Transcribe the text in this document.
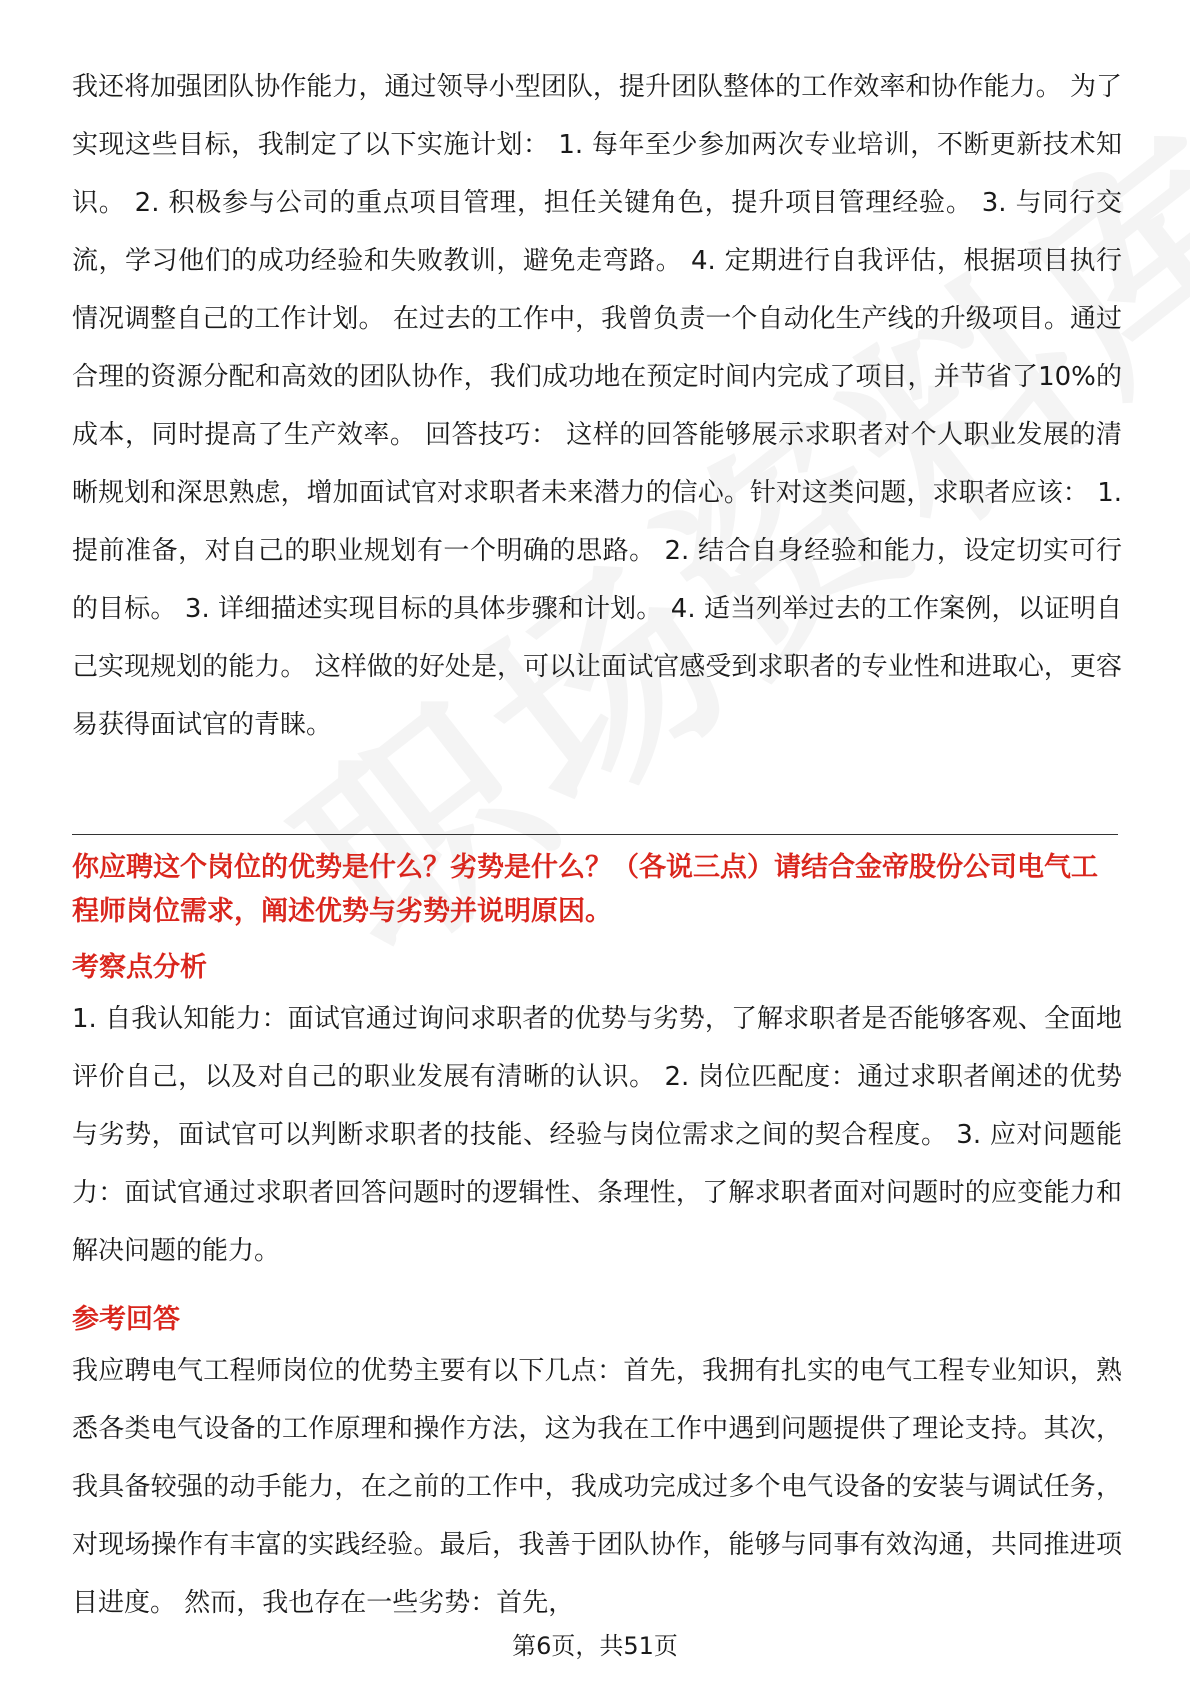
我还将加强团队协作能力，通过领导小型团队，提升团队整体的工作效率和协作能力。 为了实现这些目标，我制定了以下实施计划： 1. 每年至少参加两次专业培训，不断更新技术知识。 2. 积极参与公司的重点项目管理，担任关键角色，提升项目管理经验。 3. 与同行交流，学习他们的成功经验和失败教训，避免走弯路。 4. 定期进行自我评估，根据项目执行情况调整自己的工作计划。 在过去的工作中，我曾负责一个自动化生产线的升级项目。通过合理的资源分配和高效的团队协作，我们成功地在预定时间内完成了项目，并节省了10%的成本，同时提高了生产效率。 回答技巧： 这样的回答能够展示求职者对个人职业发展的清晰规划和深思熟虑，增加面试官对求职者未来潜力的信心。针对这类问题，求职者应该： 1. 提前准备，对自己的职业规划有一个明确的思路。 2. 结合自身经验和能力，设定切实可行的目标。 3. 详细描述实现目标的具体步骤和计划。 4. 适当列举过去的工作案例，以证明自己实现规划的能力。 这样做的好处是，可以让面试官感受到求职者的专业性和进取心，更容易获得面试官的青睐。

你应聘这个岗位的优势是什么？劣势是什么？（各说三点）请结合金帝股份公司电气工程师岗位需求，阐述优势与劣势并说明原因。

考察点分析

1. 自我认知能力：面试官通过询问求职者的优势与劣势，了解求职者是否能够客观、全面地评价自己，以及对自己的职业发展有清晰的认识。 2. 岗位匹配度：通过求职者阐述的优势与劣势，面试官可以判断求职者的技能、经验与岗位需求之间的契合程度。 3. 应对问题能力：面试官通过求职者回答问题时的逻辑性、条理性，了解求职者面对问题时的应变能力和解决问题的能力。

参考回答

我应聘电气工程师岗位的优势主要有以下几点：首先，我拥有扎实的电气工程专业知识，熟悉各类电气设备的工作原理和操作方法，这为我在工作中遇到问题提供了理论支持。其次，我具备较强的动手能力，在之前的工作中，我成功完成过多个电气设备的安装与调试任务，对现场操作有丰富的实践经验。最后，我善于团队协作，能够与同事有效沟通，共同推进项目进度。 然而，我也存在一些劣势：首先，

第6页，共51页
